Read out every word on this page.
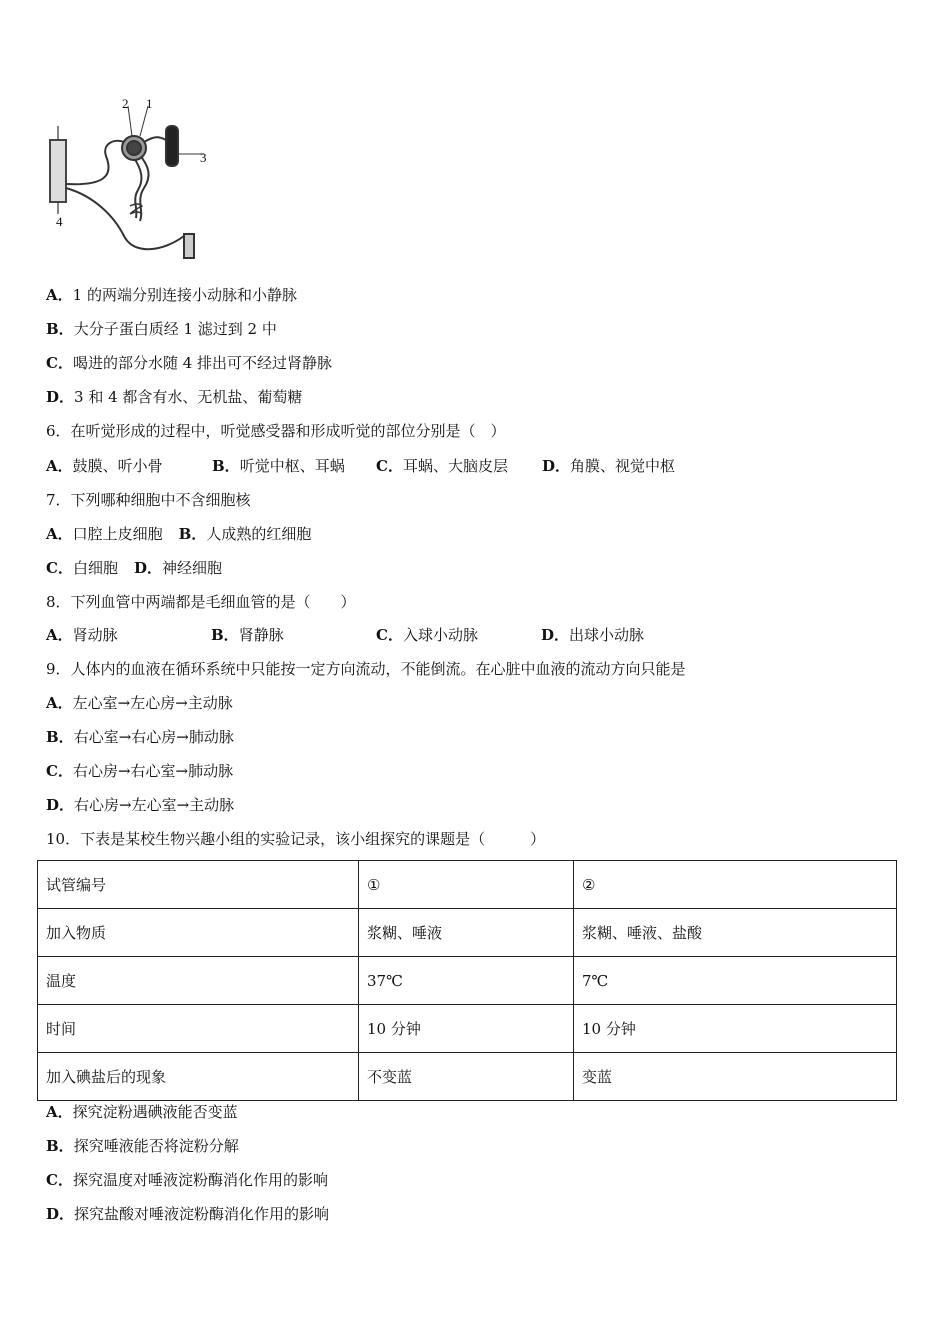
2 1
3
4
A．1 的两端分别连接小动脉和小静脉
B．大分子蛋白质经 1 滤过到 2 中
C．喝进的部分水随 4 排出可不经过肾静脉
D．3 和 4 都含有水、无机盐、葡萄糖
6．在听觉形成的过程中，听觉感受器和形成听觉的部位分别是（　）
A．鼓膜、听小骨	B．听觉中枢、耳蜗 C．耳蜗、大脑皮层 D．角膜、视觉中枢
7．下列哪种细胞中不含细胞核
A．口腔上皮细胞 B．人成熟的红细胞
C．白细胞 D．神经细胞
8．下列血管中两端都是毛细血管的是（　　）
A．肾动脉	B．肾静脉	C．入球小动脉	D．出球小动脉
9．人体内的血液在循环系统中只能按一定方向流动，不能倒流。在心脏中血液的流动方向只能是
A．左心室→左心房→主动脉
B．右心室→右心房→肺动脉
C．右心房→右心室→肺动脉
D．右心房→左心室→主动脉
10．下表是某校生物兴趣小组的实验记录，该小组探究的课题是（　　　）
试管编号	①	②
加入物质	浆糊、唾液	浆糊、唾液、盐酸
温度	37℃	7℃
时间	10 分钟	10 分钟
加入碘盐后的现象	不变蓝	变蓝
A．探究淀粉遇碘液能否变蓝
B．探究唾液能否将淀粉分解
C．探究温度对唾液淀粉酶消化作用的影响
D．探究盐酸对唾液淀粉酶消化作用的影响
